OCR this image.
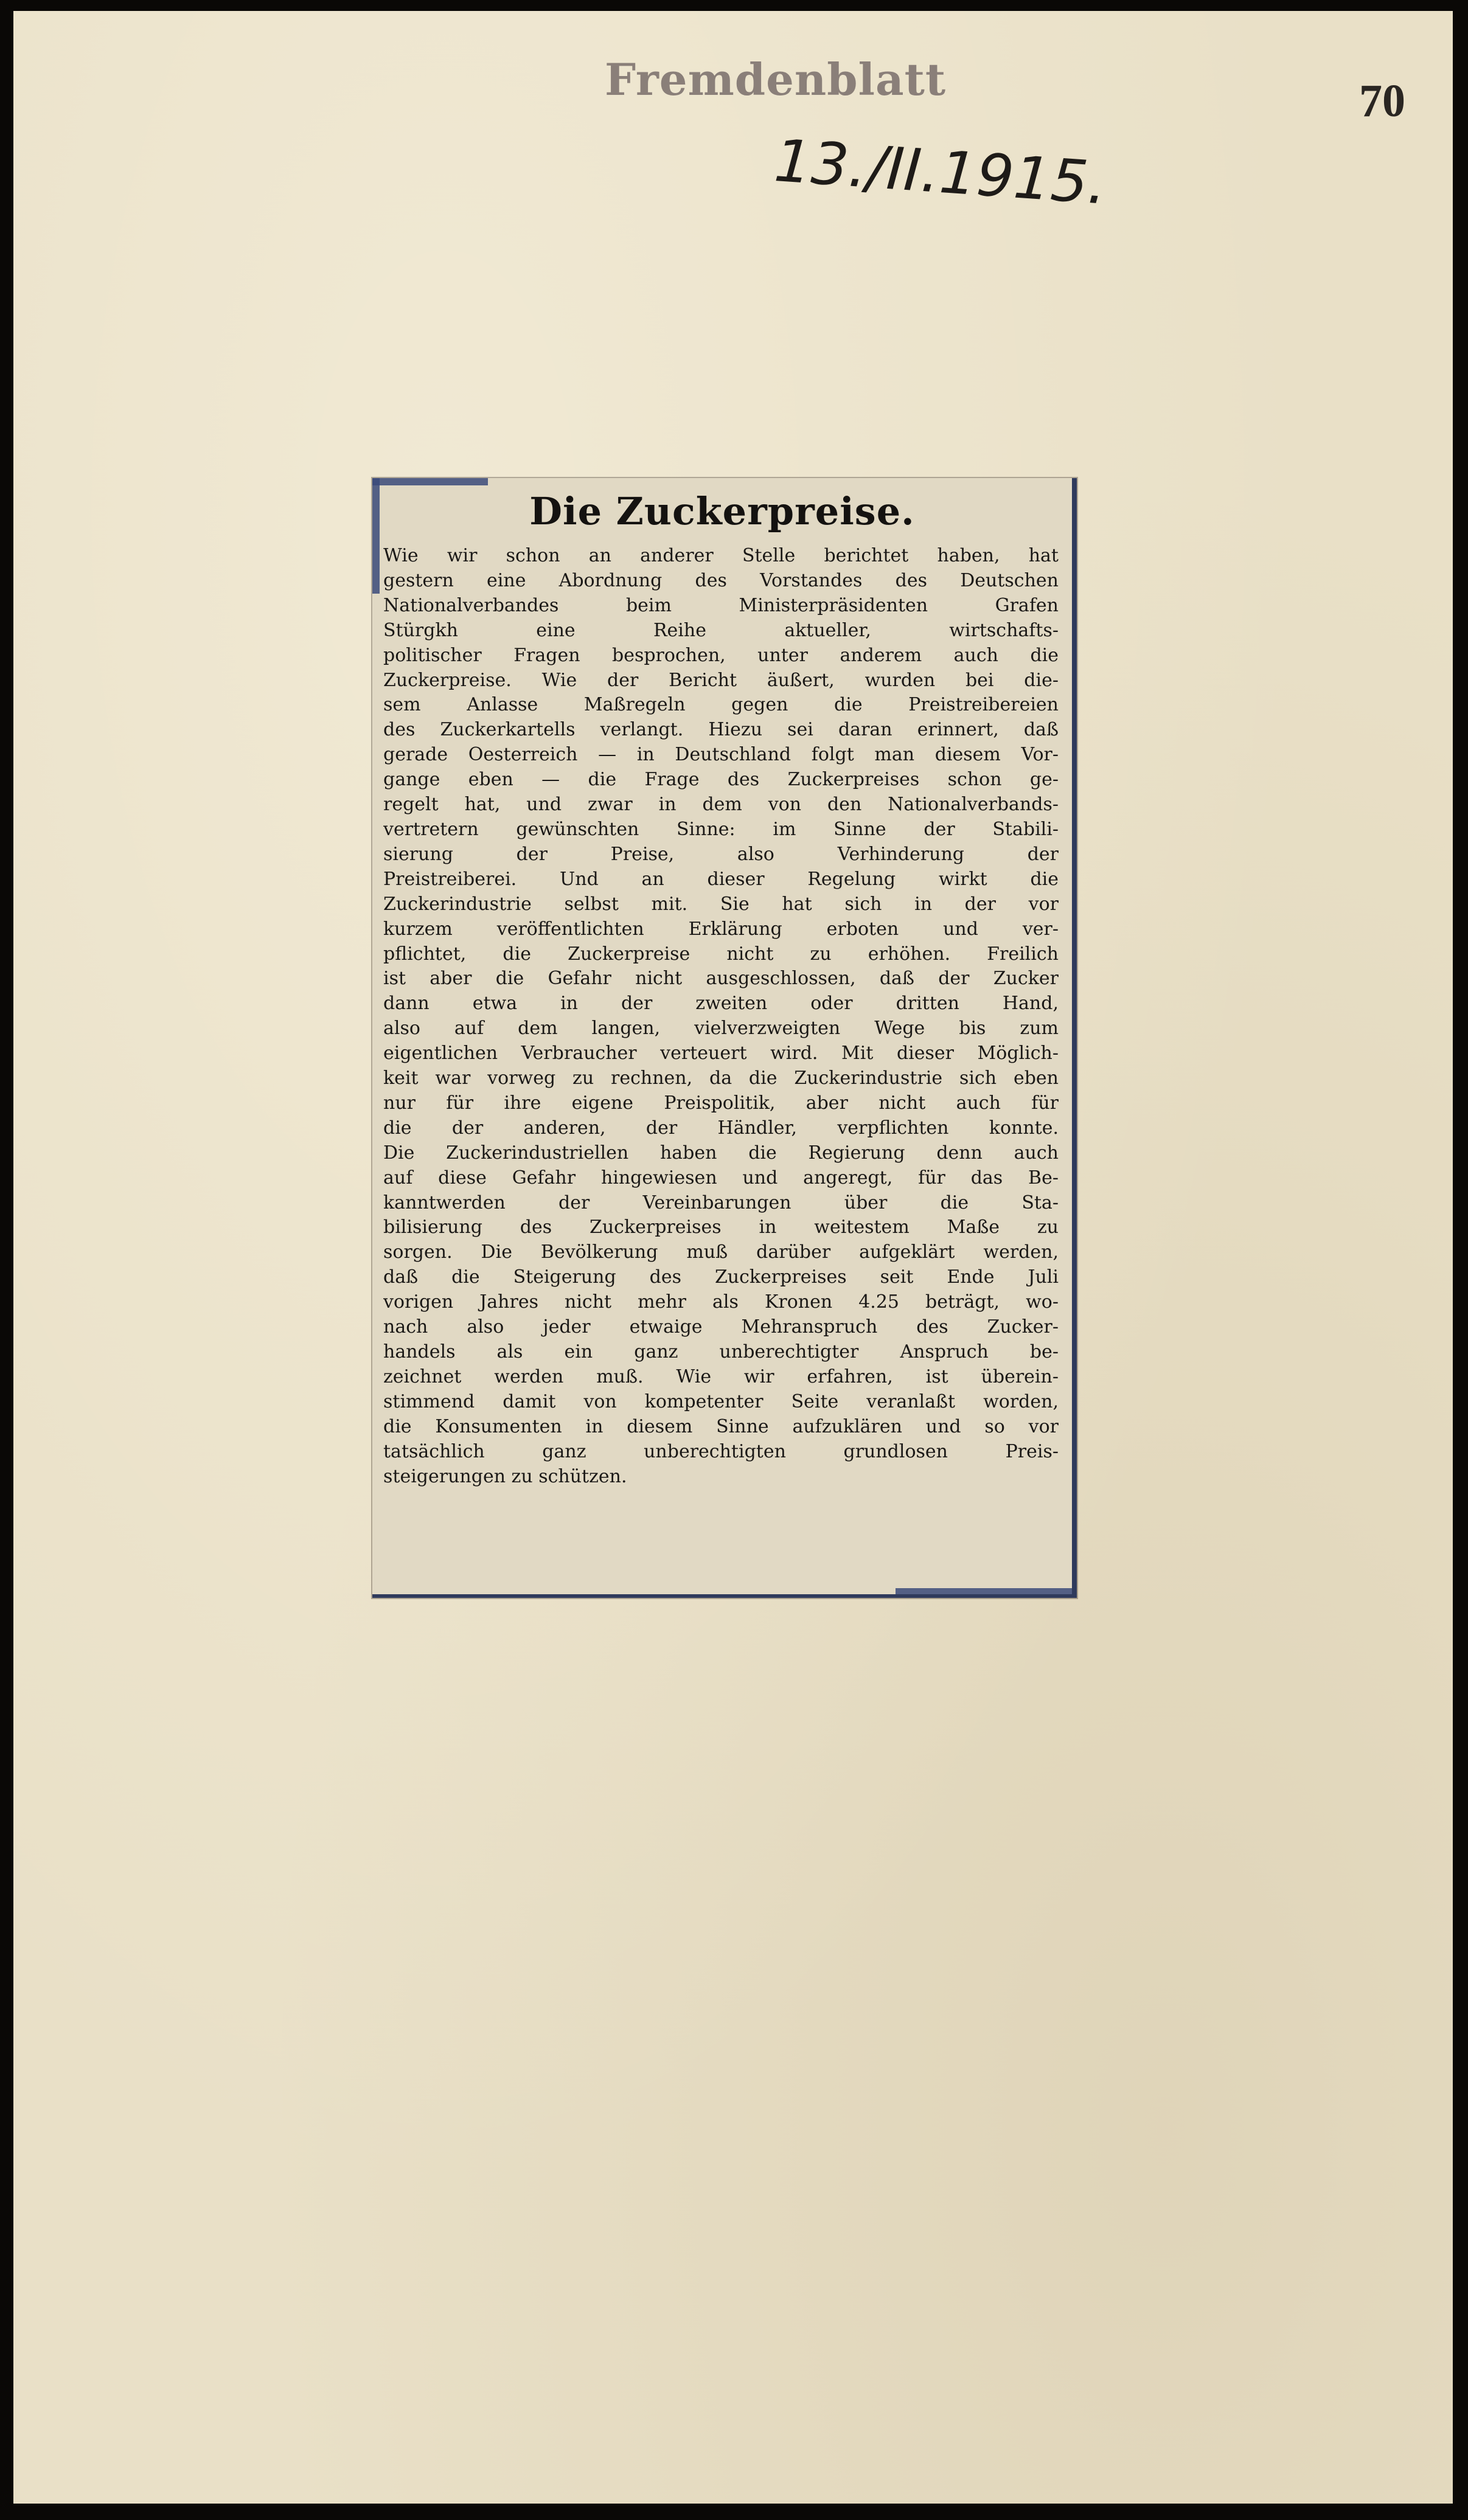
Fremdenblatt	70
13./II.1915.
Die Zuckerpreise.
Wie wir schon an anderer Stelle berichtet haben, hat
gestern eine Abordnung des Vorstandes des Deutschen
Nationalverbandes beim Ministerpräsidenten Grafen
Stürgkh eine Reihe aktueller, wirtschafts-
politischer Fragen besprochen, unter anderem auch die
Zuckerpreise. Wie der Bericht äußert, wurden bei die-
sem Anlasse Maßregeln gegen die Preistreibereien
des Zuckerkartells verlangt. Hiezu sei daran erinnert, daß
gerade Oesterreich — in Deutschland folgt man diesem Vor-
gange eben — die Frage des Zuckerpreises schon ge-
regelt hat, und zwar in dem von den Nationalverbands-
vertretern gewünschten Sinne: im Sinne der Stabili-
sierung der Preise, also Verhinderung der
Preistreiberei. Und an dieser Regelung wirkt die
Zuckerindustrie selbst mit. Sie hat sich in der vor
kurzem veröffentlichten Erklärung erboten und ver-
pflichtet, die Zuckerpreise nicht zu erhöhen. Freilich
ist aber die Gefahr nicht ausgeschlossen, daß der Zucker
dann etwa in der zweiten oder dritten Hand,
also auf dem langen, vielverzweigten Wege bis zum
eigentlichen Verbraucher verteuert wird. Mit dieser Möglich-
keit war vorweg zu rechnen, da die Zuckerindustrie sich eben
nur für ihre eigene Preispolitik, aber nicht auch für
die der anderen, der Händler, verpflichten konnte.
Die Zuckerindustriellen haben die Regierung denn auch
auf diese Gefahr hingewiesen und angeregt, für das Be-
kanntwerden der Vereinbarungen über die Sta-
bilisierung des Zuckerpreises in weitestem Maße zu
sorgen. Die Bevölkerung muß darüber aufgeklärt werden,
daß die Steigerung des Zuckerpreises seit Ende Juli
vorigen Jahres nicht mehr als Kronen 4.25 beträgt, wo-
nach also jeder etwaige Mehranspruch des Zucker-
handels als ein ganz unberechtigter Anspruch be-
zeichnet werden muß. Wie wir erfahren, ist überein-
stimmend damit von kompetenter Seite veranlaßt worden,
die Konsumenten in diesem Sinne aufzuklären und so vor
tatsächlich ganz unberechtigten grundlosen Preis-
steigerungen zu schützen.
